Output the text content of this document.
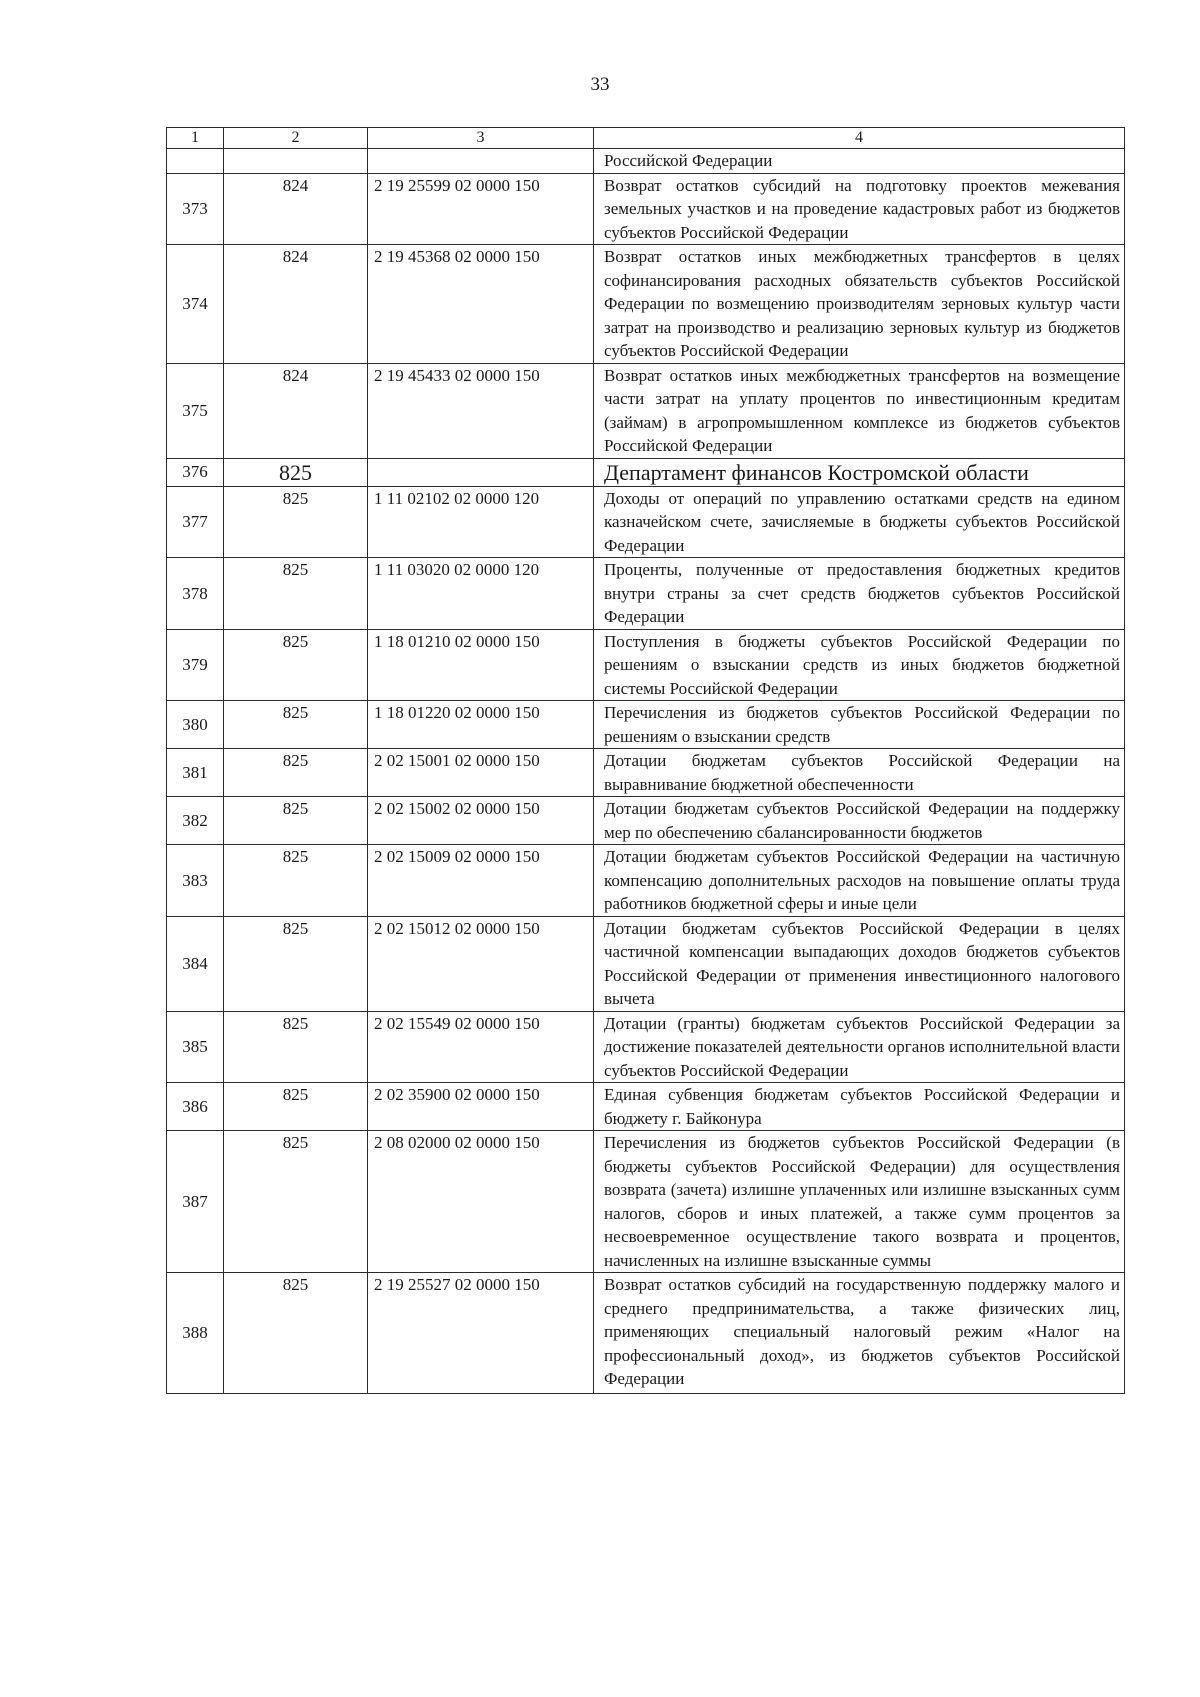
33
1	2	3	4
			Российской Федерации
373	824	2 19 25599 02 0000 150	Возврат остатков субсидий на подготовку проектов межевания земельных участков и на проведение кадастровых работ из бюджетов субъектов Российской Федерации
374	824	2 19 45368 02 0000 150	Возврат остатков иных межбюджетных трансфертов в целях софинансирования расходных обязательств субъектов Российской Федерации по возмещению производителям зерновых культур части затрат на производство и реализацию зерновых культур из бюджетов субъектов Российской Федерации
375	824	2 19 45433 02 0000 150	Возврат остатков иных межбюджетных трансфертов на возмещение части затрат на уплату процентов по инвестиционным кредитам (займам) в агропромышленном комплексе из бюджетов субъектов Российской Федерации
376	825		Департамент финансов Костромской области
377	825	1 11 02102 02 0000 120	Доходы от операций по управлению остатками средств на едином казначейском счете, зачисляемые в бюджеты субъектов Российской Федерации
378	825	1 11 03020 02 0000 120	Проценты, полученные от предоставления бюджетных кредитов внутри страны за счет средств бюджетов субъектов Российской Федерации
379	825	1 18 01210 02 0000 150	Поступления в бюджеты субъектов Российской Федерации по решениям о взыскании средств из иных бюджетов бюджетной системы Российской Федерации
380	825	1 18 01220 02 0000 150	Перечисления из бюджетов субъектов Российской Федерации по решениям о взыскании средств
381	825	2 02 15001 02 0000 150	Дотации бюджетам субъектов Российской Федерации на выравнивание бюджетной обеспеченности
382	825	2 02 15002 02 0000 150	Дотации бюджетам субъектов Российской Федерации на поддержку мер по обеспечению сбалансированности бюджетов
383	825	2 02 15009 02 0000 150	Дотации бюджетам субъектов Российской Федерации на частичную компенсацию дополнительных расходов на повышение оплаты труда работников бюджетной сферы и иные цели
384	825	2 02 15012 02 0000 150	Дотации бюджетам субъектов Российской Федерации в целях частичной компенсации выпадающих доходов бюджетов субъектов Российской Федерации от применения инвестиционного налогового вычета
385	825	2 02 15549 02 0000 150	Дотации (гранты) бюджетам субъектов Российской Федерации за достижение показателей деятельности органов исполнительной власти субъектов Российской Федерации
386	825	2 02 35900 02 0000 150	Единая субвенция бюджетам субъектов Российской Федерации и бюджету г. Байконура
387	825	2 08 02000 02 0000 150	Перечисления из бюджетов субъектов Российской Федерации (в бюджеты субъектов Российской Федерации) для осуществления возврата (зачета) излишне уплаченных или излишне взысканных сумм налогов, сборов и иных платежей, а также сумм процентов за несвоевременное осуществление такого возврата и процентов, начисленных на излишне взысканные суммы
388	825	2 19 25527 02 0000 150	Возврат остатков субсидий на государственную поддержку малого и среднего предпринимательства, а также физических лиц, применяющих специальный налоговый режим «Налог на профессиональный доход», из бюджетов субъектов Российской Федерации
